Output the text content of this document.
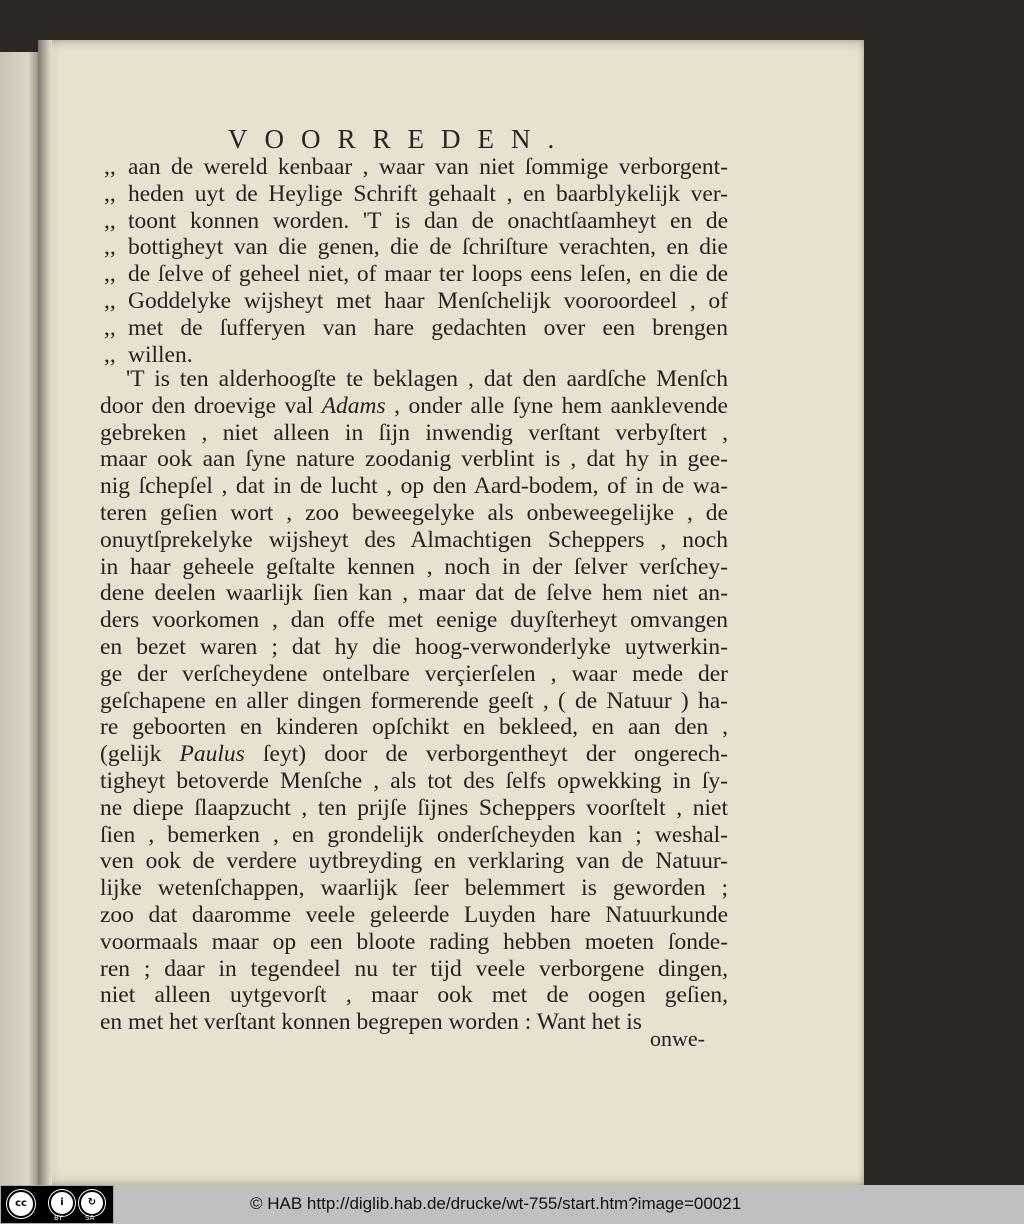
VOORREDEN.
,, aan de wereld kenbaar , waar van niet ſommige verborgent-
,, heden uyt de Heylige Schrift gehaalt , en baarblykelijk ver-
,, toont konnen worden. 'T is dan de onachtſaamheyt en de
,, bottigheyt van die genen, die de ſchriſture verachten, en die
,, de ſelve of geheel niet, of maar ter loops eens leſen, en die de
,, Goddelyke wijsheyt met haar Menſchelijk vooroordeel , of
,, met de ſufferyen van hare gedachten over een brengen
,, willen.
'T is ten alderhoogſte te beklagen , dat den aardſche Menſch
door den droevige val Adams , onder alle ſyne hem aanklevende
gebreken , niet alleen in ſijn inwendig verſtant verbyſtert ,
maar ook aan ſyne nature zoodanig verblint is , dat hy in gee-
nig ſchepſel , dat in de lucht , op den Aard-bodem, of in de wa-
teren geſien wort , zoo beweegelyke als onbeweegelijke , de
onuytſprekelyke wijsheyt des Almachtigen Scheppers , noch
in haar geheele geſtalte kennen , noch in der ſelver verſchey-
dene deelen waarlijk ſien kan , maar dat de ſelve hem niet an-
ders voorkomen , dan offe met eenige duyſterheyt omvangen
en bezet waren ; dat hy die hoog-verwonderlyke uytwerkin-
ge der verſcheydene ontelbare verçierſelen , waar mede der
geſchapene en aller dingen formerende geeſt , ( de Natuur ) ha-
re geboorten en kinderen opſchikt en bekleed, en aan den ,
(gelijk Paulus ſeyt) door de verborgentheyt der ongerech-
tigheyt betoverde Menſche , als tot des ſelfs opwekking in ſy-
ne diepe ſlaapzucht , ten prijſe ſijnes Scheppers voorſtelt , niet
ſien , bemerken , en grondelijk onderſcheyden kan ; weshal-
ven ook de verdere uytbreyding en verklaring van de Natuur-
lijke wetenſchappen, waarlijk ſeer belemmert is geworden ;
zoo dat daaromme veele geleerde Luyden hare Natuurkunde
voormaals maar op een bloote rading hebben moeten ſonde-
ren ; daar in tegendeel nu ter tijd veele verborgene dingen,
niet alleen uytgevorſt , maar ook met de oogen geſien,
en met het verſtant konnen begrepen worden : Want het is
onwe-
cc	i	↻
BY	SA
© HAB http://diglib.hab.de/drucke/wt-755/start.htm?image=00021
